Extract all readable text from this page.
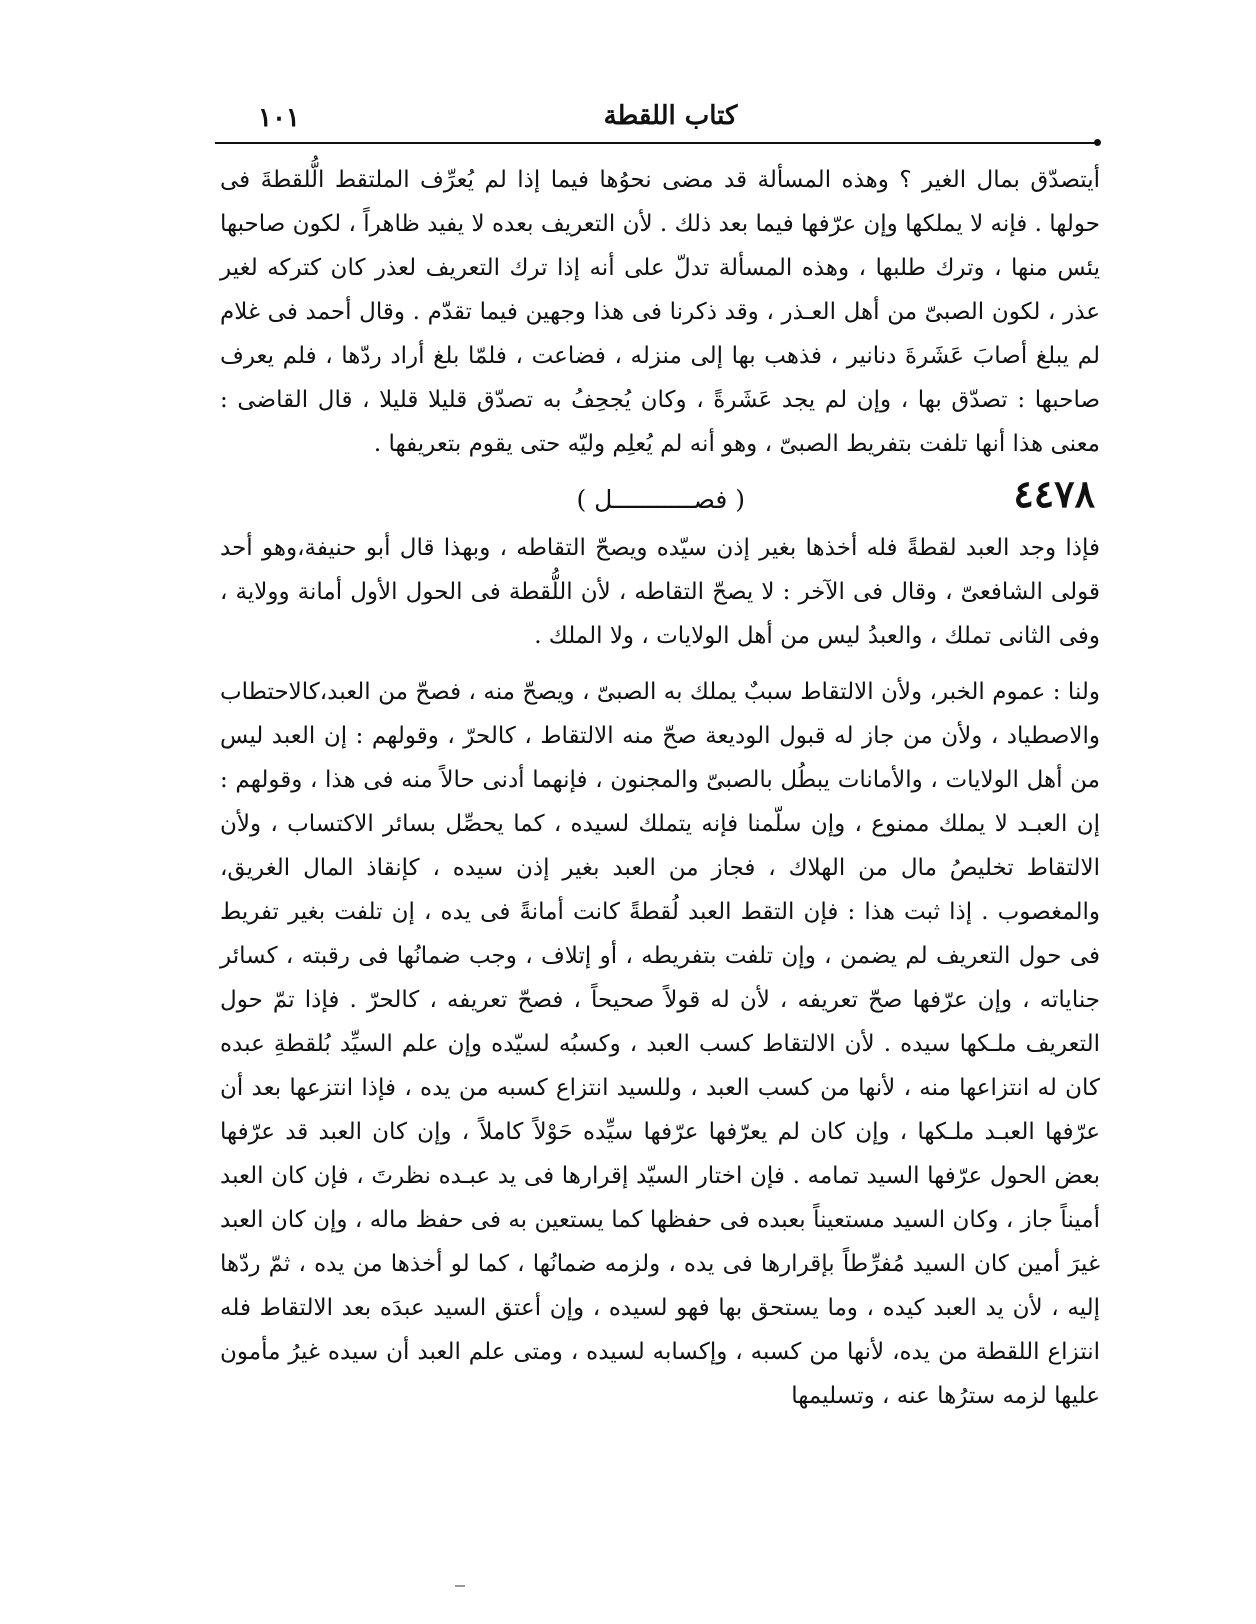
١٠١	كتاب اللقطة

أيتصدّق بمال الغير ؟ وهذه المسألة قد مضى نحوُها فيما إذا لم يُعرِّف الملتقط الُّلقطةَ فى حولها . فإنه لا يملكها وإن عرّفها فيما بعد ذلك . لأن التعريف بعده لا يفيد ظاهراً ، لكون صاحبها يئس منها ، وترك طلبها ، وهذه المسألة تدلّ على أنه إذا ترك التعريف لعذر كان كتركه لغير عذر ، لكون الصبىّ من أهل العـذر ، وقد ذكرنا فى هذا وجهين فيما تقدّم . وقال أحمد فى غلام لم يبلغ أصابَ عَشَرةَ دنانير ، فذهب بها إلى منزله ، فضاعت ، فلمّا بلغ أراد ردّها ، فلم يعرف صاحبها : تصدّق بها ، وإن لم يجد عَشَرةً ، وكان يُجحِفُ به تصدّق قليلا قليلا ، قال القاضى : معنى هذا أنها تلفت بتفريط الصبىّ ، وهو أنه لم يُعلِم وليّه حتى يقوم بتعريفها .

٤٤٧٨
( فصـــــــــــل )

فإذا وجد العبد لقطةً فله أخذها بغير إذن سيّده ويصحّ التقاطه ، وبهذا قال أبو حنيفة،وهو أحد قولى الشافعىّ ، وقال فى الآخر : لا يصحّ التقاطه ، لأن اللُّقطة فى الحول الأول أمانة وولاية ، وفى الثانى تملك ، والعبدُ ليس من أهل الولايات ، ولا الملك .

ولنا : عموم الخبر، ولأن الالتقاط سببٌ يملك به الصبىّ ، ويصحّ منه ، فصحّ من العبد،كالاحتطاب والاصطياد ، ولأن من جاز له قبول الوديعة صحّ منه الالتقاط ، كالحرّ ، وقولهم : إن العبد ليس من أهل الولايات ، والأمانات يبطُل بالصبىّ والمجنون ، فإنهما أدنى حالاً منه فى هذا ، وقولهم : إن العبـد لا يملك ممنوع ، وإن سلّمنا فإنه يتملك لسيده ، كما يحصِّل بسائر الاكتساب ، ولأن الالتقاط تخليصُ مال من الهلاك ، فجاز من العبد بغير إذن سيده ، كإنقاذ المال الغريق، والمغصوب . إذا ثبت هذا : فإن التقط العبد لُقطةً كانت أمانةً فى يده ، إن تلفت بغير تفريط فى حول التعريف لم يضمن ، وإن تلفت بتفريطه ، أو إتلاف ، وجب ضمانُها فى رقبته ، كسائر جناياته ، وإن عرّفها صحّ تعريفه ، لأن له قولاً صحيحاً ، فصحّ تعريفه ، كالحرّ . فإذا تمّ حول التعريف ملـكها سيده . لأن الالتقاط كسب العبد ، وكسبُه لسيّده وإن علم السيِّد بُلقطةِ عبده كان له انتزاعها منه ، لأنها من كسب العبد ، وللسيد انتزاع كسبه من يده ، فإذا انتزعها بعد أن عرّفها العبـد ملـكها ، وإن كان لم يعرّفها عرّفها سيِّده حَوْلاً كاملاً ، وإن كان العبد قد عرّفها بعض الحول عرّفها السيد تمامه . فإن اختار السيّد إقرارها فى يد عبـده نظرتَ ، فإن كان العبد أميناً جاز ، وكان السيد مستعيناً بعبده فى حفظها كما يستعين به فى حفظ ماله ، وإن كان العبد غيرَ أمين كان السيد مُفرِّطاً بإقرارها فى يده ، ولزمه ضمانُها ، كما لو أخذها من يده ، ثمّ ردّها إليه ، لأن يد العبد كيده ، وما يستحق بها فهو لسيده ، وإن أعتق السيد عبدَه بعد الالتقاط فله انتزاع اللقطة من يده، لأنها من كسبه ، وإكسابه لسيده ، ومتى علم العبد أن سيده غيرُ مأمون عليها لزمه سترُها عنه ، وتسليمها
